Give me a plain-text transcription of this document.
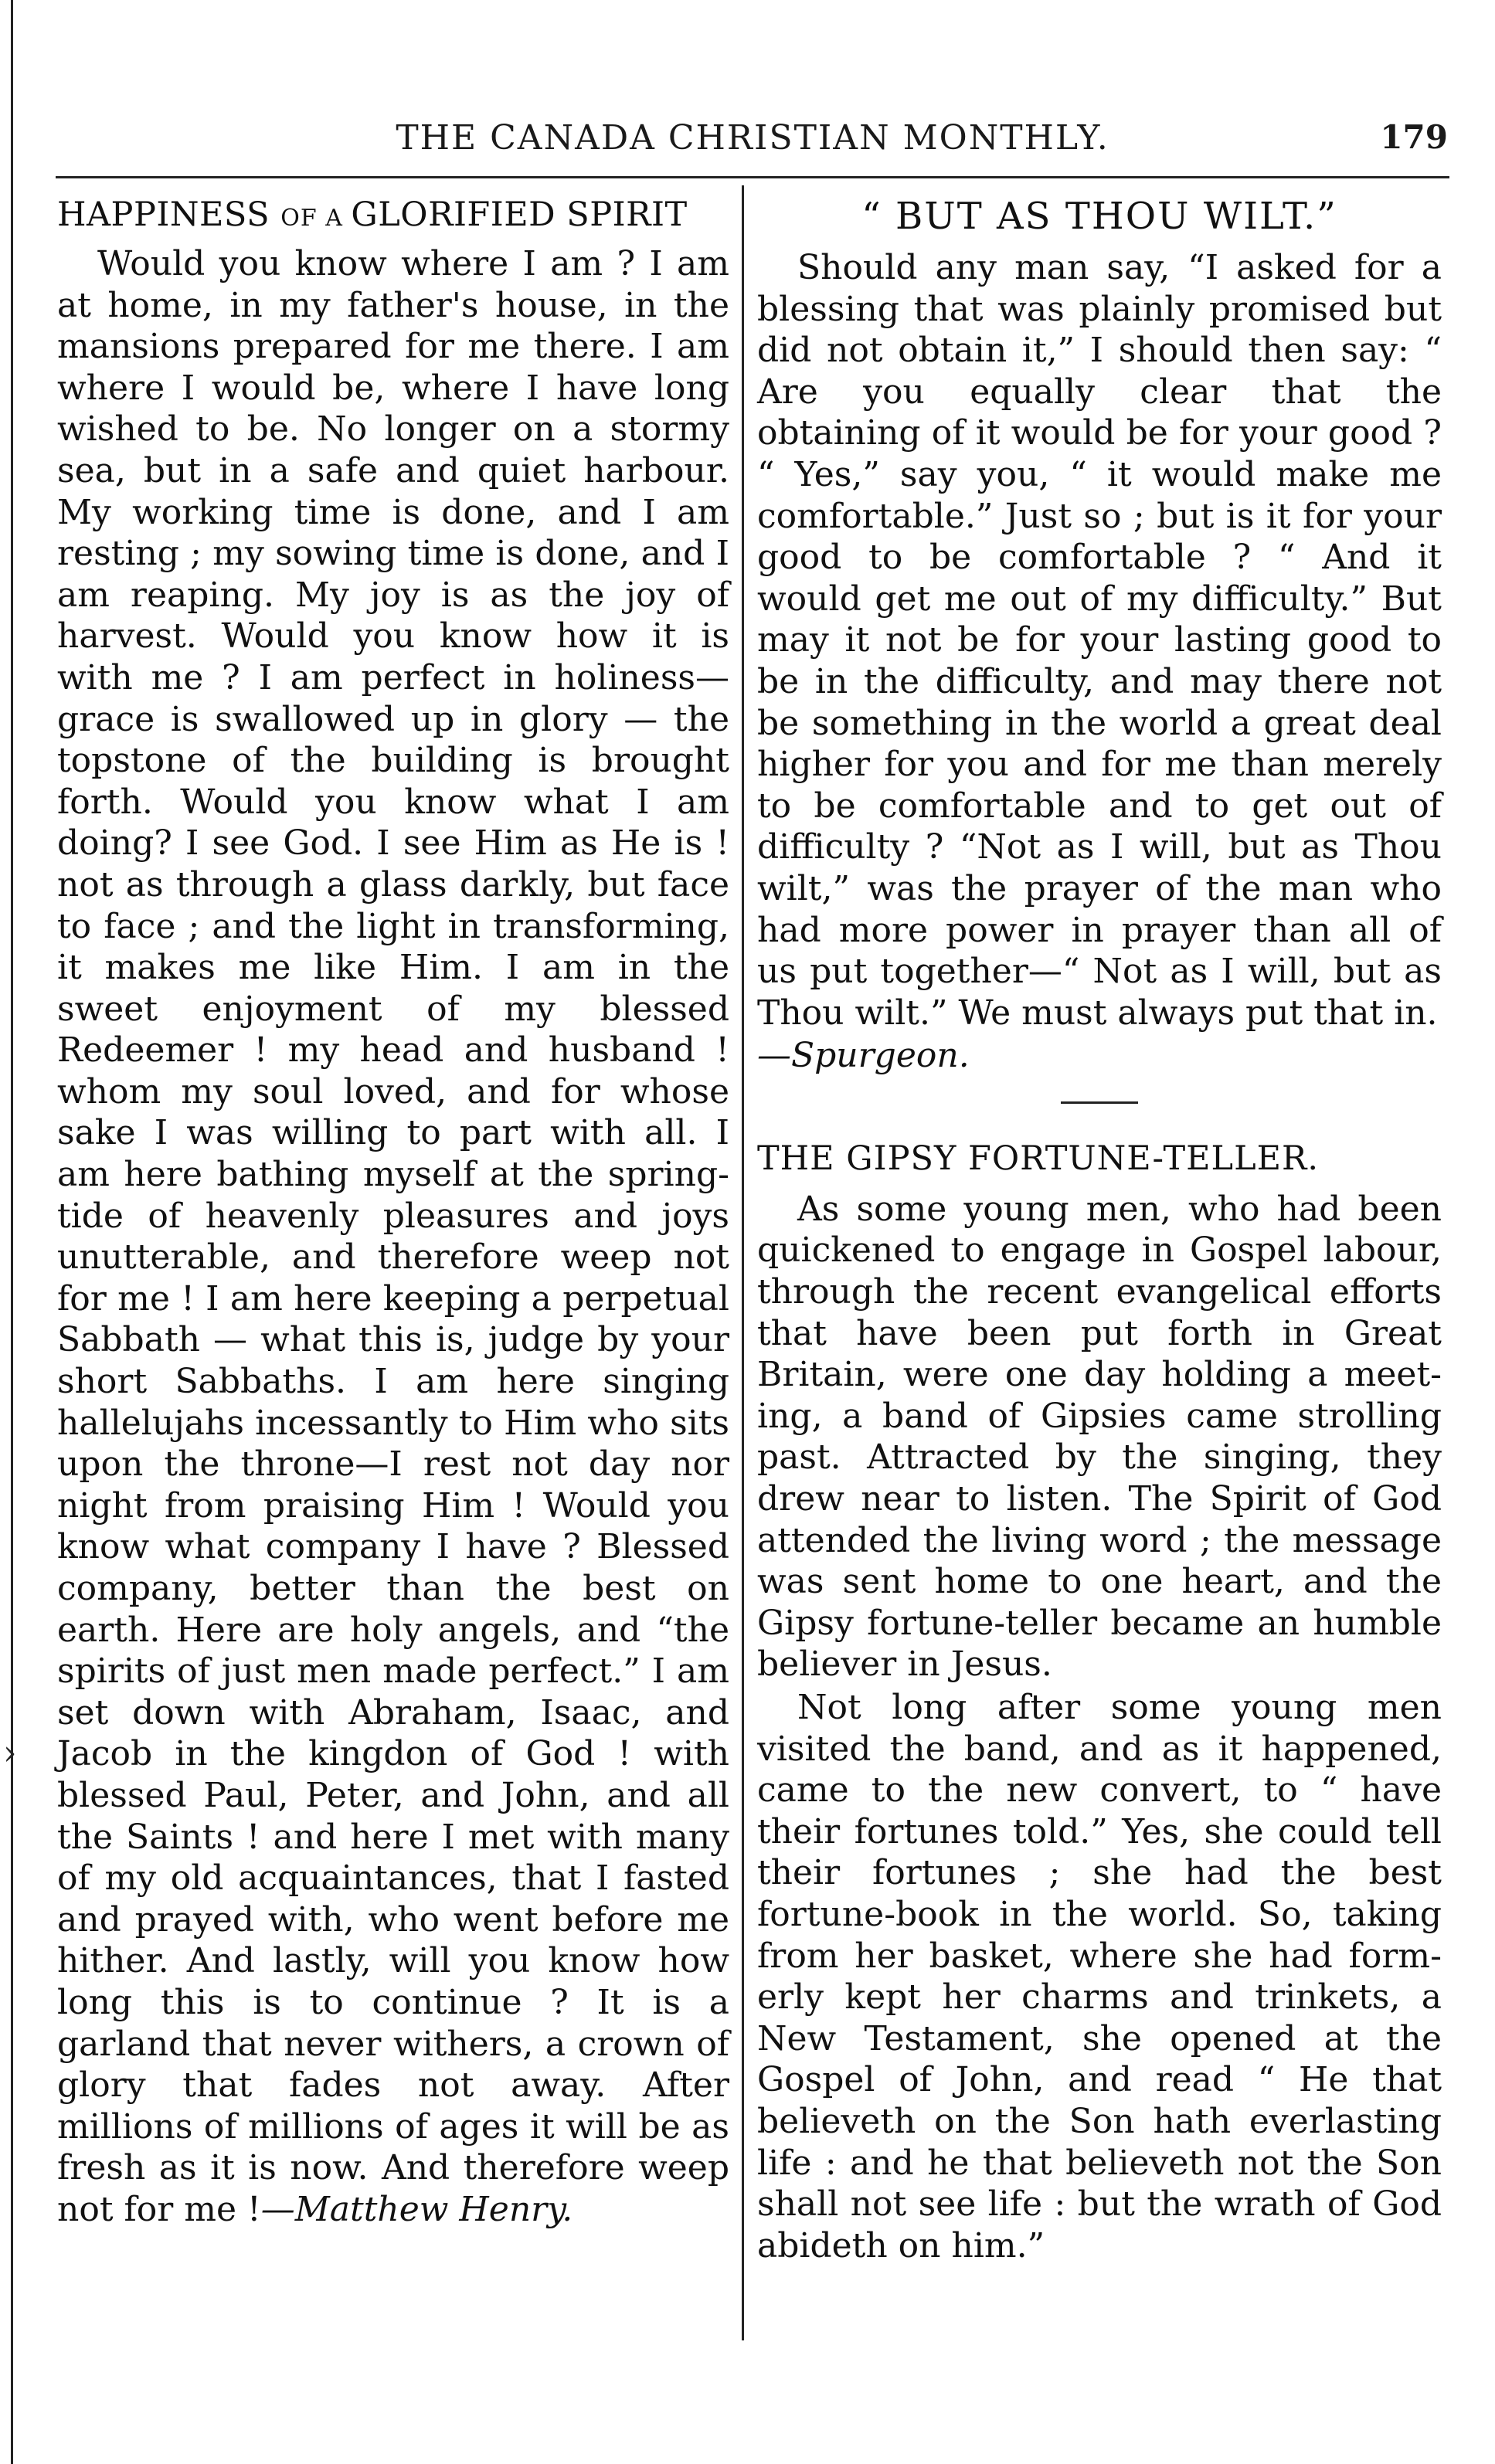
›
THE CANADA CHRISTIAN MONTHLY.	179
HAPPINESS OF A GLORIFIED SPIRIT

Would you know where I am ? I am at home, in my father's house, in the mansions prepared for me there. I am where I would be, where I have long wished to be. No longer on a stormy sea, but in a safe and quiet harbour. My working time is done, and I am resting ; my sowing time is done, and I am reaping. My joy is as the joy of harvest. Would you know how it is with me ? I am perfect in holiness—grace is swallowed up in glory — the topstone of the building is brought forth. Would you know what I am doing? I see God. I see Him as He is ! not as through a glass darkly, but face to face ; and the light in transforming, it makes me like Him. I am in the sweet enjoyment of my blessed Redeemer ! my head and husband ! whom my soul loved, and for whose sake I was willing to part with all. I am here bathing myself at the spring-tide of heavenly pleasures and joys unutterable, and therefore weep not for me ! I am here keeping a perpetual Sabbath — what this is, judge by your short Sabbaths. I am here singing hallelujahs incessantly to Him who sits upon the throne—I rest not day nor night from praising Him ! Would you know what company I have ? Blessed company, better than the best on earth. Here are holy angels, and “the spirits of just men made perfect.” I am set down with Abraham, Isaac, and Jacob in the kingdon of God ! with blessed Paul, Peter, and John, and all the Saints ! and here I met with many of my old acquaintances, that I fasted and prayed with, who went before me hither. And lastly, will you know how long this is to continue ? It is a garland that never withers, a crown of glory that fades not away. After millions of millions of ages it will be as fresh as it is now. And therefore weep not for me !—Matthew Henry.

“ BUT AS THOU WILT.”

Should any man say, “I asked for a blessing that was plainly promised but did not obtain it,” I should then say: “ Are you equally clear that the obtaining of it would be for your good ? “ Yes,” say you, “ it would make me comfortable.” Just so ; but is it for your good to be comfortable ? “ And it would get me out of my difficulty.” But may it not be for your lasting good to be in the difficulty, and may there not be something in the world a great deal higher for you and for me than merely to be comfortable and to get out of difficulty ? “Not as I will, but as Thou wilt,” was the prayer of the man who had more power in prayer than all of us put together—“ Not as I will, but as Thou wilt.” We must always put that in.

—Spurgeon.

THE GIPSY FORTUNE-TELLER.

As some young men, who had been quickened to engage in Gospel labour, through the recent evangelical efforts that have been put forth in Great Britain, were one day holding a meeting, a band of Gipsies came strolling past. Attracted by the singing, they drew near to listen. The Spirit of God attended the living word ; the message was sent home to one heart, and the Gipsy fortune-teller became an humble believer in Jesus.

Not long after some young men visited the band, and as it happened, came to the new convert, to “ have their fortunes told.” Yes, she could tell their fortunes ; she had the best fortune-book in the world. So, taking from her basket, where she had formerly kept her charms and trinkets, a New Testament, she opened at the Gospel of John, and read “ He that believeth on the Son hath everlasting life : and he that believeth not the Son shall not see life : but the wrath of God abideth on him.”
